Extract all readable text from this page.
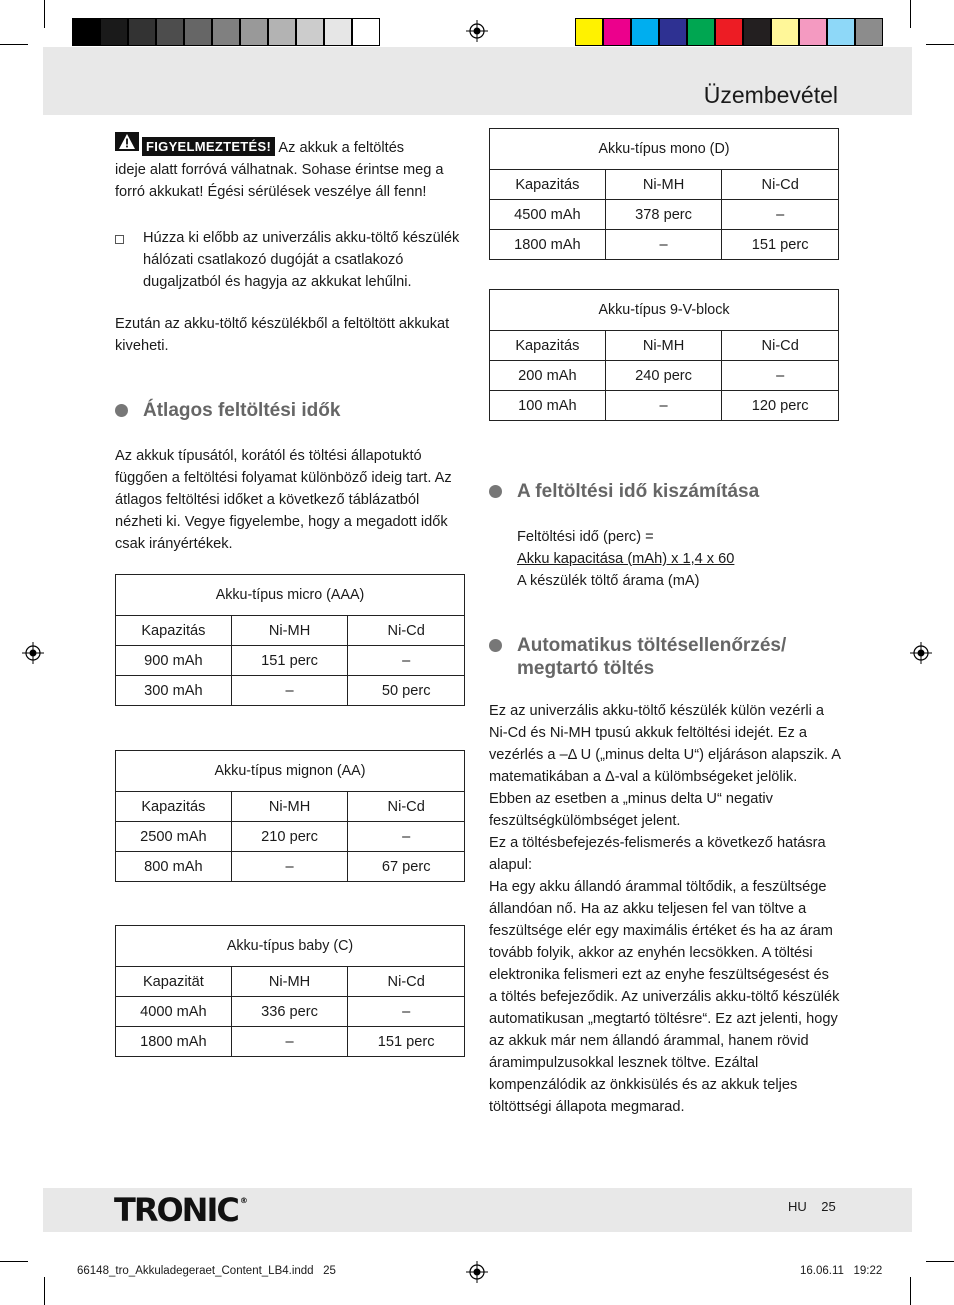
Üzembevétel
FIGYELMEZTETÉS! Az akkuk a feltöltés
ideje alatt forróvá válhatnak. Sohase érintse meg a forró akkukat! Égési sérülések veszélye áll fenn!
Húzza ki előbb az univerzális akku-töltő készülék hálózati csatlakozó dugóját a csatlakozó dugaljzatból és hagyja az akkukat lehűlni.

Ezután az akku-töltő készülékből a feltöltött akkukat kiveheti.

Átlagos feltöltési idők

Az akkuk típusától, korától és töltési állapotuktó függően a feltöltési folyamat különböző ideig tart. Az átlagos feltöltési időket a következő táblázatból nézheti ki. Vegye figyelembe, hogy a megadott idők csak irányértékek.

Akku-típus micro (AAA)		
Kapazitás	Ni-MH	Ni-Cd
900 mAh	151 perc	–
300 mAh	–	50 perc
Akku-típus mignon (AA)		
Kapazitás	Ni-MH	Ni-Cd
2500 mAh	210 perc	–
800 mAh	–	67 perc
Akku-típus baby (C)		
Kapazität	Ni-MH	Ni-Cd
4000 mAh	336 perc	–
1800 mAh	–	151 perc
Akku-típus mono (D)		
Kapazitás	Ni-MH	Ni-Cd
4500 mAh	378 perc	–
1800 mAh	–	151 perc
Akku-típus 9-V-block		
Kapazitás	Ni-MH	Ni-Cd
200 mAh	240 perc	–
100 mAh	–	120 perc
A feltöltési idő kiszámítása
Feltöltési idő (perc) =
Akku kapacitása (mAh) x 1,4 x 60
A készülék töltő árama (mA)
Automatikus töltésellenőrzés/
megtartó töltés

Ez az univerzális akku-töltő készülék külön vezérli a Ni-Cd és Ni-MH tpusú akkuk feltöltési idejét. Ez a vezérlés a –Δ U („minus delta U“) eljáráson alapszik. A matematikában a Δ-val a külömbségeket jelölik. Ebben az esetben a „minus delta U“ negativ feszültségkülömbséget jelent.

Ez a töltésbefejezés-felismerés a következő hatásra alapul:

Ha egy akku állandó árammal töltődik, a feszültsége állandóan nő. Ha az akku teljesen fel van töltve a feszültsége elér egy maximális értéket és ha az áram tovább folyik, akkor az enyhén lecsökken. A töltési elektronika felismeri ezt az enyhe feszültségesést és a töltés befejeződik. Az univerzális akku-töltő készülék automatikusan „megtartó töltésre“. Ez azt jelenti, hogy az akkuk már nem állandó árammal, hanem rövid áramimpulzusokkal lesznek töltve. Ezáltal kompenzálódik az önkkisülés és az akkuk teljes töltöttségi állapota megmarad.

TRONIC ®	HU 25
66148_tro_Akkuladegeraet_Content_LB4.indd   25	16.06.11   19:22
